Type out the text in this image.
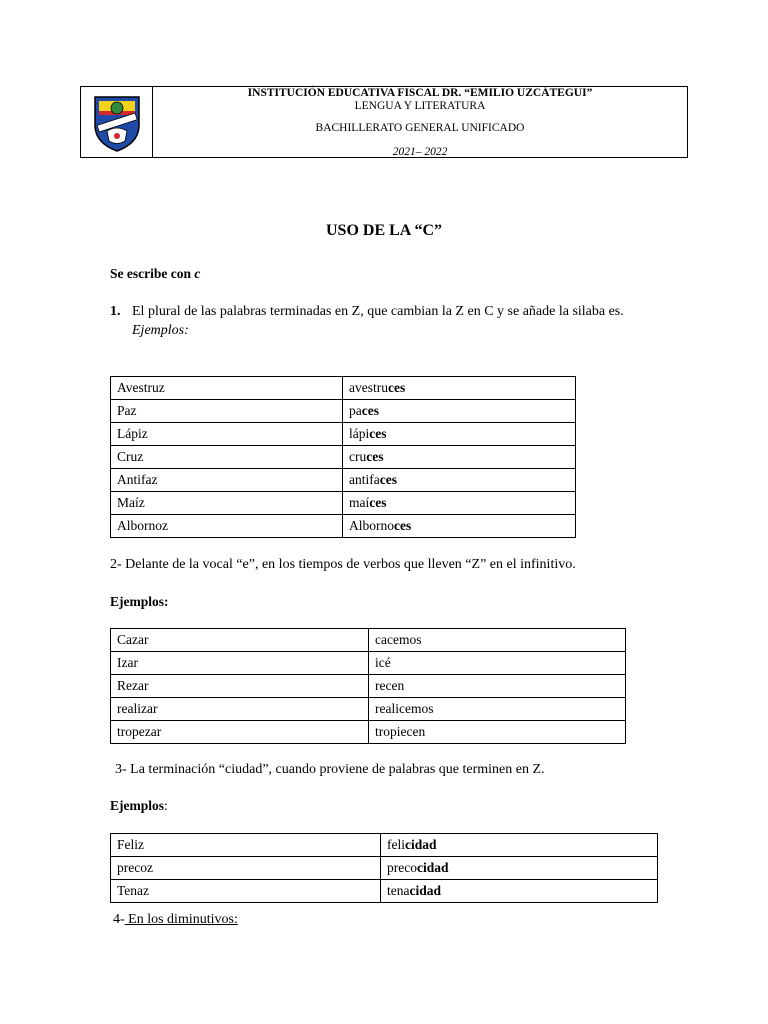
INSTITUCIÓN EDUCATIVA FISCAL DR. “EMILIO UZCÁTEGUI”
LENGUA Y LITERATURA
BACHILLERATO GENERAL UNIFICADO
2021– 2022
USO DE LA “C”
Se escribe con c
1. El plural de las palabras terminadas en Z, que cambian la Z en C y se añade la silaba es.
Ejemplos:
Avestruz	avestruces
Paz	paces
Lápiz	lápices
Cruz	cruces
Antifaz	antifaces
Maíz	maíces
Albornoz	Albornoces
2- Delante de la vocal “e”, en los tiempos de verbos que lleven “Z” en el infinitivo.
Ejemplos:
Cazar	cacemos
Izar	icé
Rezar	recen
realizar	realicemos
tropezar	tropiecen
3- La terminación “ciudad”, cuando proviene de palabras que terminen en Z.
Ejemplos:
Feliz	felicidad
precoz	precocidad
Tenaz	tenacidad
4- En los diminutivos:
